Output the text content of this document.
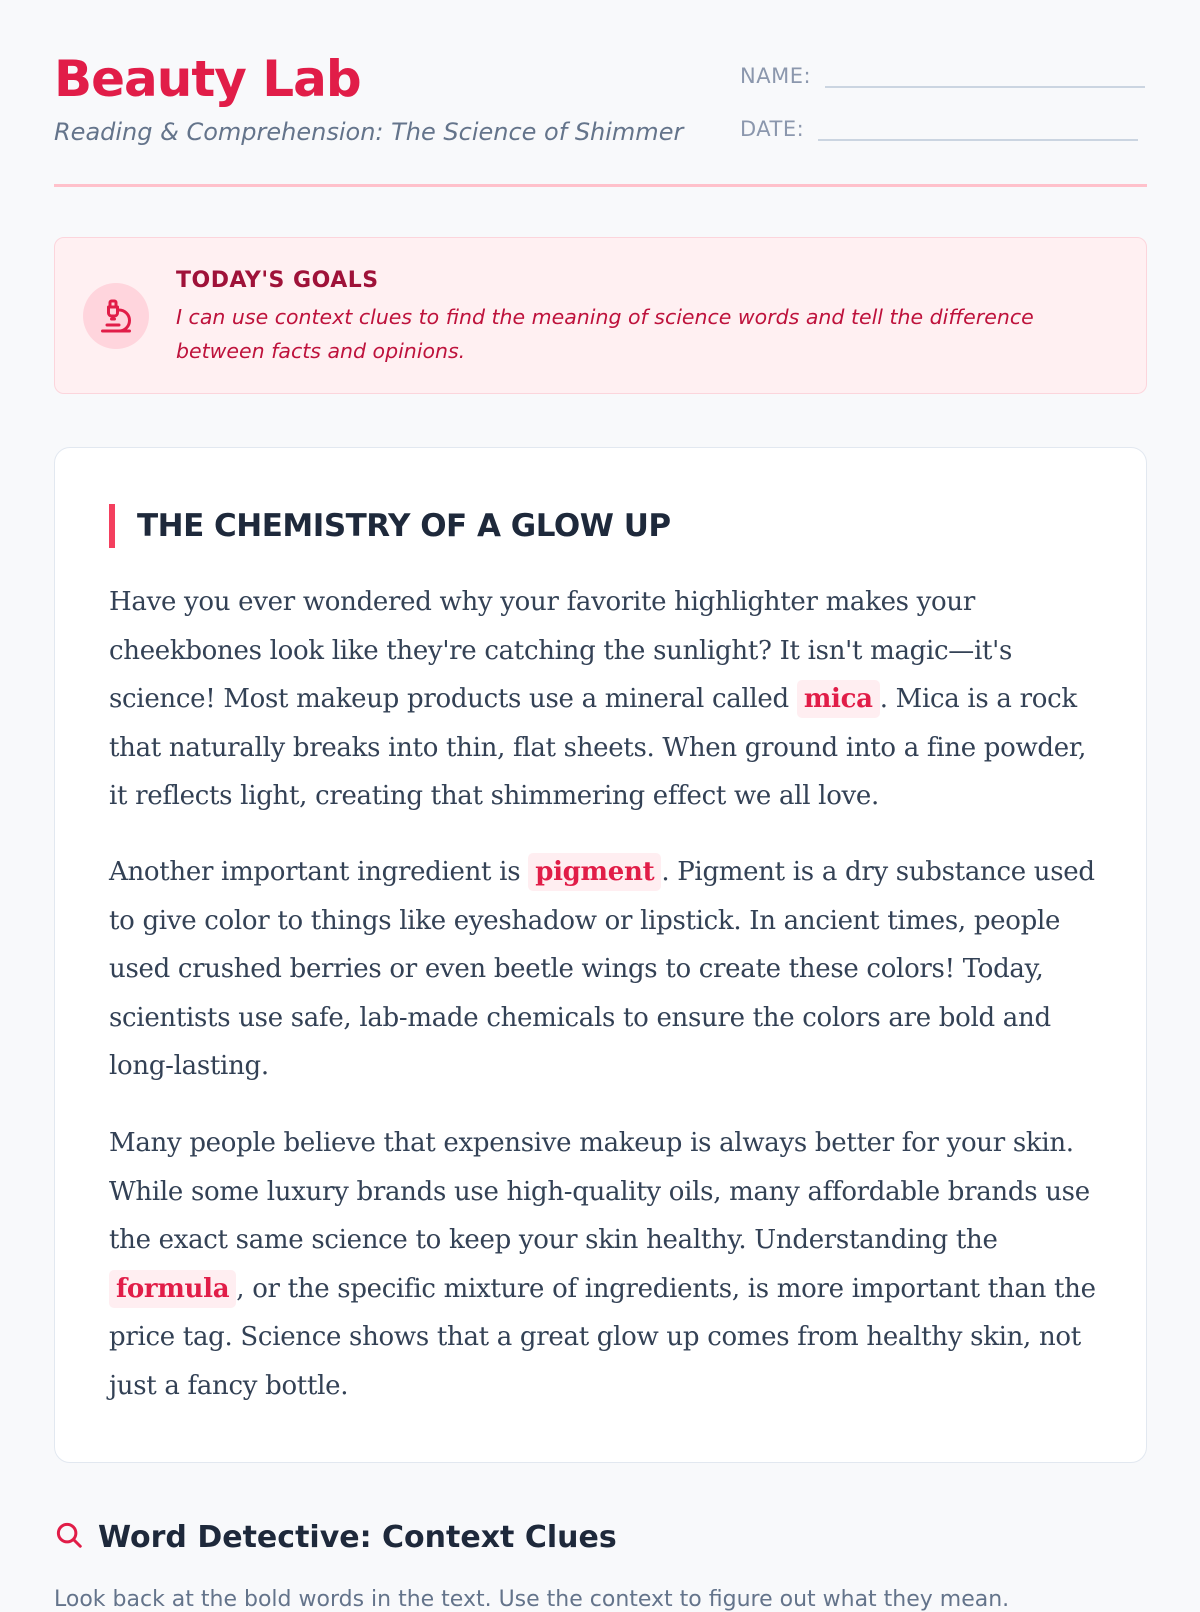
Beauty Lab
Reading & Comprehension: The Science of Shimmer
NAME:
DATE:
TODAY'S GOALS
I can use context clues to find the meaning of science words and tell the difference between facts and opinions.
THE CHEMISTRY OF A GLOW UP

Have you ever wondered why your favorite highlighter makes your cheekbones look like they're catching the sunlight? It isn't magic—it's science! Most makeup products use a mineral called mica . Mica is a rock that naturally breaks into thin, flat sheets. When ground into a fine powder, it reflects light, creating that shimmering effect we all love.

Another important ingredient is pigment . Pigment is a dry substance used to give color to things like eyeshadow or lipstick. In ancient times, people used crushed berries or even beetle wings to create these colors! Today, scientists use safe, lab-made chemicals to ensure the colors are bold and long-lasting.

Many people believe that expensive makeup is always better for your skin. While some luxury brands use high-quality oils, many affordable brands use the exact same science to keep your skin healthy. Understanding the formula , or the specific mixture of ingredients, is more important than the price tag. Science shows that a great glow up comes from healthy skin, not just a fancy bottle.

Word Detective: Context Clues
Look back at the bold words in the text. Use the context to figure out what they mean.
